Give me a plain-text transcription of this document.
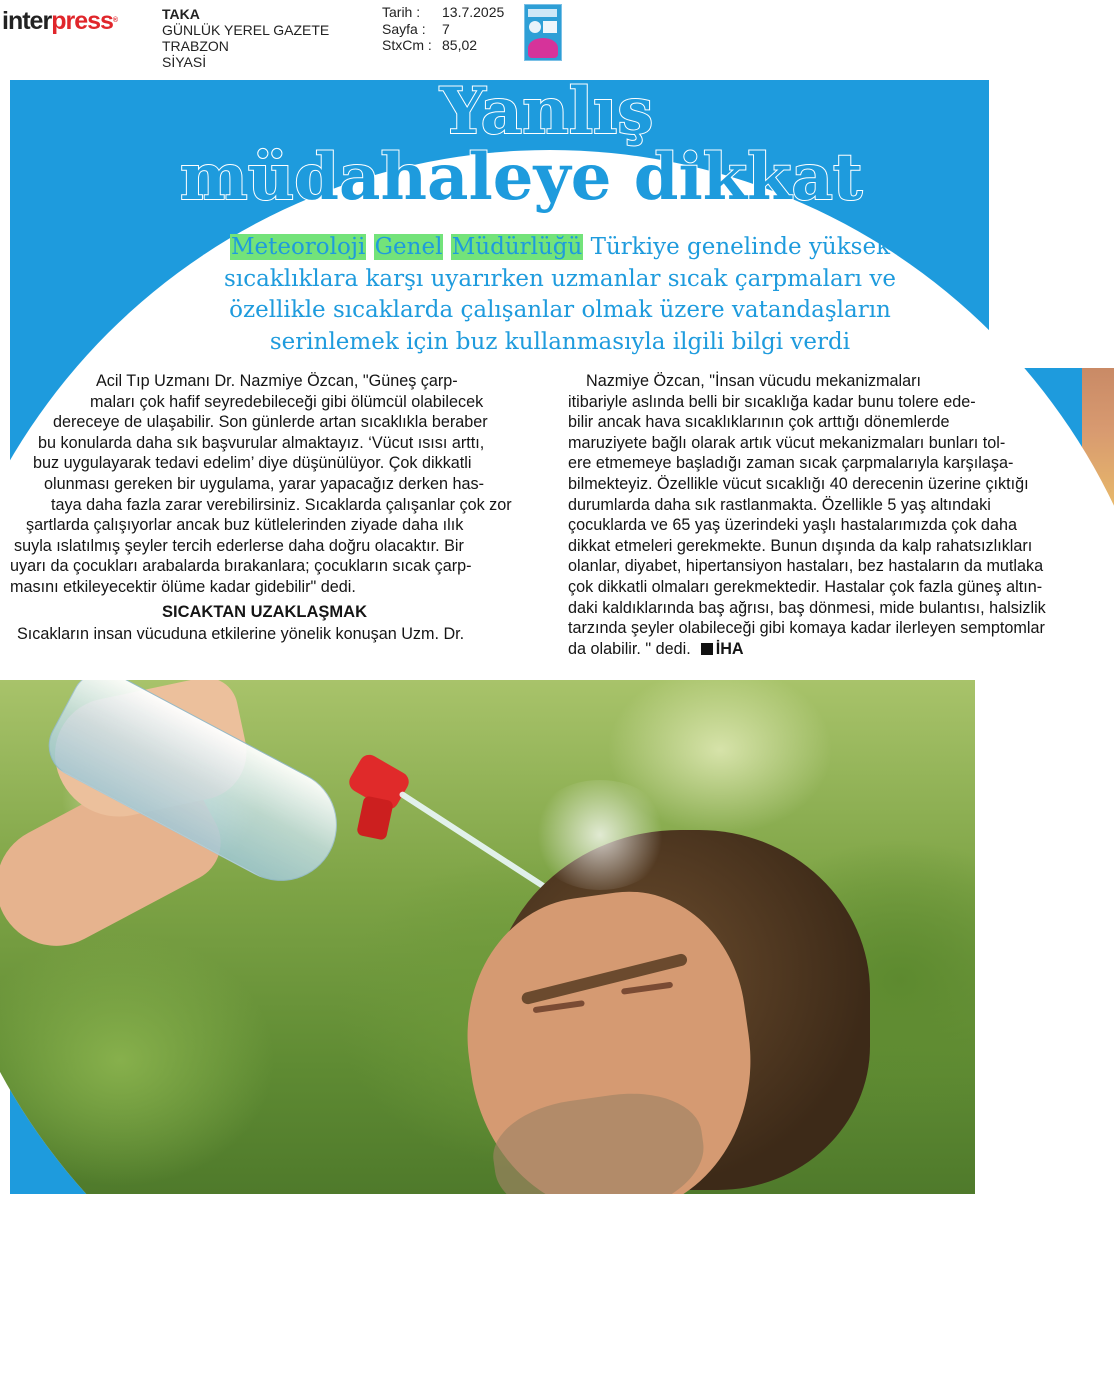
interpress®	TAKA
GÜNLÜK YEREL GAZETE
TRABZON
SİYASİ
Tarih :	13.7.2025
Sayfa :	7
StxCm : 85,02
Yanlış
müdahaleye dikkat
Meteoroloji Genel Müdürlüğü Türkiye genelinde yüksek
sıcaklıklara karşı uyarırken uzmanlar sıcak çarpmaları ve
özellikle sıcaklarda çalışanlar olmak üzere vatandaşların
serinlemek için buz kullanmasıyla ilgili bilgi verdi
Acil Tıp Uzmanı Dr. Nazmiye Özcan, "Güneş çarp-
maları çok hafif seyredebileceği gibi ölümcül olabilecek
dereceye de ulaşabilir. Son günlerde artan sıcaklıkla beraber
bu konularda daha sık başvurular almaktayız. ‘Vücut ısısı arttı,
buz uygulayarak tedavi edelim’ diye düşünülüyor. Çok dikkatli
olunması gereken bir uygulama, yarar yapacağız derken has-
taya daha fazla zarar verebilirsiniz. Sıcaklarda çalışanlar çok zor
şartlarda çalışıyorlar ancak buz kütlelerinden ziyade daha ılık
suyla ıslatılmış şeyler tercih ederlerse daha doğru olacaktır. Bir
uyarı da çocukları arabalarda bırakanlara; çocukların sıcak çarp-
masını etkileyecektir ölüme kadar gidebilir" dedi.
SICAKTAN UZAKLAŞMAK
Sıcakların insan vücuduna etkilerine yönelik konuşan Uzm. Dr.
Nazmiye Özcan, "İnsan vücudu mekanizmaları
itibariyle aslında belli bir sıcaklığa kadar bunu tolere ede-
bilir ancak hava sıcaklıklarının çok arttığı dönemlerde
maruziyete bağlı olarak artık vücut mekanizmaları bunları tol-
ere etmemeye başladığı zaman sıcak çarpmalarıyla karşılaşa-
bilmekteyiz. Özellikle vücut sıcaklığı 40 derecenin üzerine çıktığı
durumlarda daha sık rastlanmakta. Özellikle 5 yaş altındaki
çocuklarda ve 65 yaş üzerindeki yaşlı hastalarımızda çok daha
dikkat etmeleri gerekmekte. Bunun dışında da kalp rahatsızlıkları
olanlar, diyabet, hipertansiyon hastaları, bez hastaların da mutlaka
çok dikkatli olmaları gerekmektedir. Hastalar çok fazla güneş altın-
daki kaldıklarında baş ağrısı, baş dönmesi, mide bulantısı, halsizlik
tarzında şeyler olabileceği gibi komaya kadar ilerleyen semptomlar
da olabilir. " dedi. İHA
